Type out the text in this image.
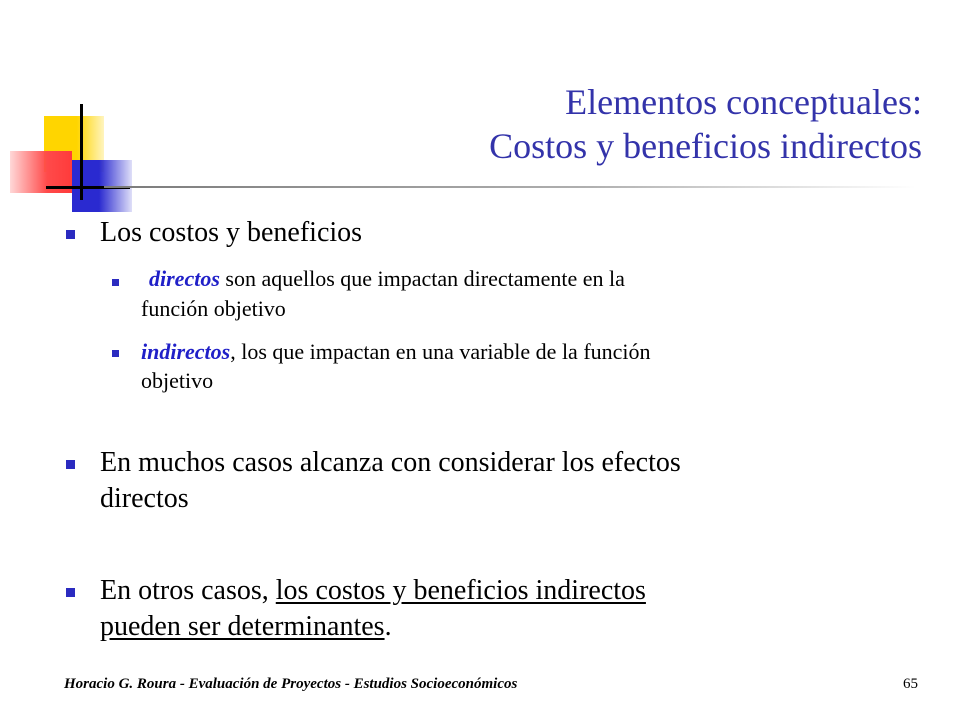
Elementos conceptuales:
Costos y beneficios indirectos
Los costos y beneficios
directos son aquellos que impactan directamente en la
función objetivo
indirectos, los que impactan en una variable de la función
objetivo
En muchos casos alcanza con considerar los efectos
directos
En otros casos, los costos y beneficios indirectos
pueden ser determinantes.
Horacio G. Roura - Evaluación de Proyectos - Estudios Socioeconómicos	65
